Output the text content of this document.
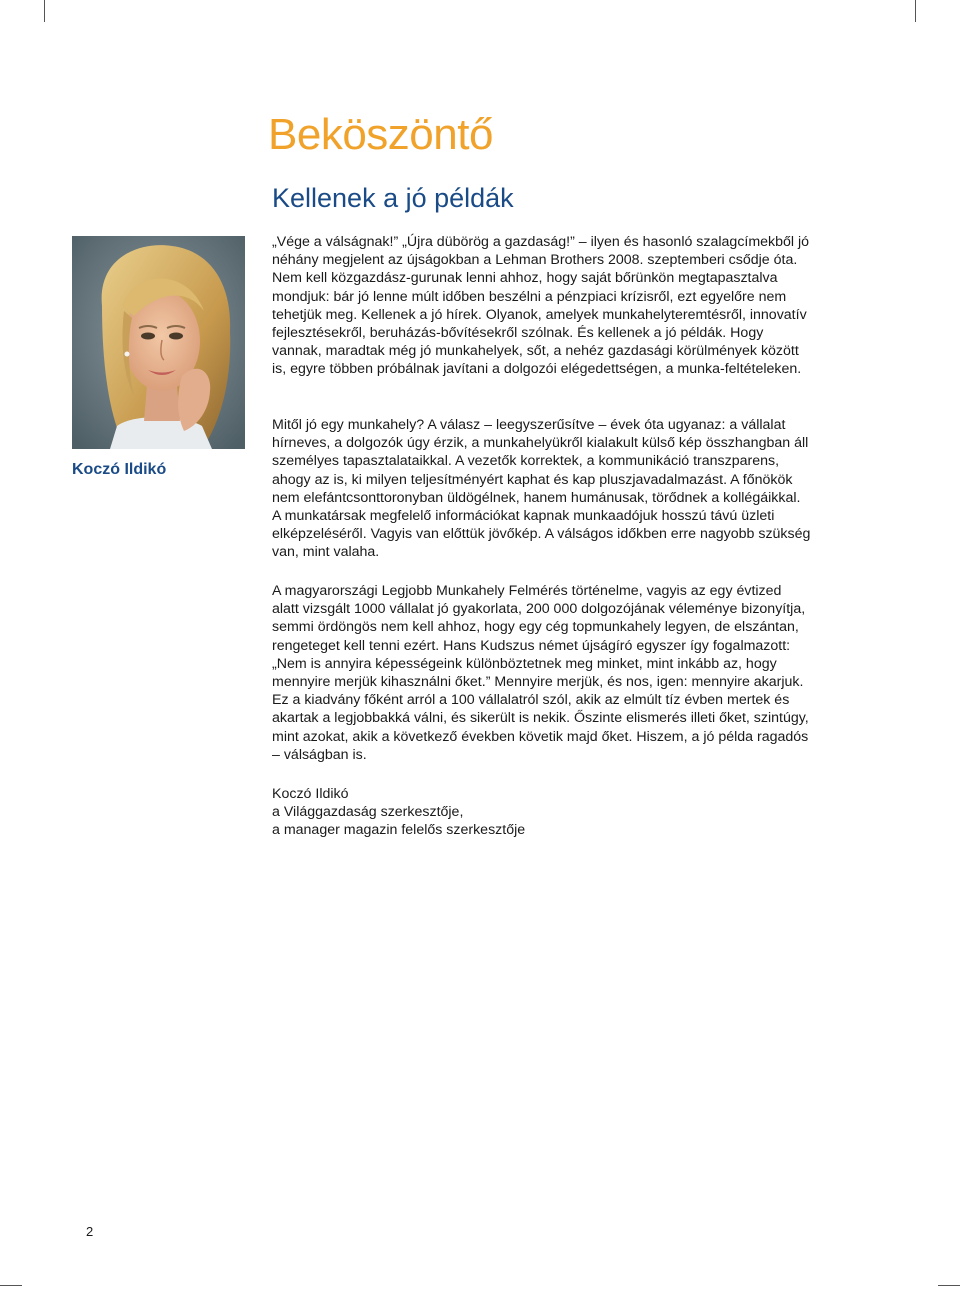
Beköszöntő
Kellenek a jó példák

Koczó Ildikó

„Vége a válságnak!” „Újra dübörög a gazdaság!” – ilyen és hasonló szalagcímekből jó néhány megjelent az újságokban a Lehman Brothers 2008. szeptemberi csődje óta. Nem kell közgazdász-gurunak lenni ahhoz, hogy saját bőrünkön megtapasztalva mondjuk: bár jó lenne múlt időben beszélni a pénzpiaci krízisről, ezt egyelőre nem tehetjük meg. Kellenek a jó hírek. Olyanok, amelyek munkahelyteremtésről, innovatív fejlesztésekről, beruházás-bővítésekről szólnak. És kellenek a jó példák. Hogy vannak, maradtak még jó munkahelyek, sőt, a nehéz gazdasági körülmények között is, egyre többen próbálnak javítani a dolgozói elégedettségen, a munka-feltételeken.

Mitől jó egy munkahely? A válasz – leegyszerűsítve – évek óta ugyanaz: a vállalat hírneves, a dolgozók úgy érzik, a munkahelyükről kialakult külső kép összhangban áll személyes tapasztalataikkal. A vezetők korrektek, a kommunikáció transzparens, ahogy az is, ki milyen teljesítményért kaphat és kap pluszjavadalmazást. A főnökök nem elefántcsonttoronyban üldögélnek, hanem humánusak, törődnek a kollégáikkal. A munkatársak megfelelő információkat kapnak munkaadójuk hosszú távú üzleti elképzeléséről. Vagyis van előttük jövőkép. A válságos időkben erre nagyobb szükség van, mint valaha.

A magyarországi Legjobb Munkahely Felmérés történelme, vagyis az egy évtized alatt vizsgált 1000 vállalat jó gyakorlata, 200 000 dolgozójának véleménye bizonyítja, semmi ördöngös nem kell ahhoz, hogy egy cég topmunkahely legyen, de elszántan, rengeteget kell tenni ezért. Hans Kudszus német újságíró egyszer így fogalmazott: „Nem is annyira képességeink különböztetnek meg minket, mint inkább az, hogy mennyire merjük kihasználni őket.” Mennyire merjük, és nos, igen: mennyire akarjuk. Ez a kiadvány főként arról a 100 vállalatról szól, akik az elmúlt tíz évben mertek és akartak a legjobbakká válni, és sikerült is nekik. Őszinte elismerés illeti őket, szintúgy, mint azokat, akik a következő években követik majd őket. Hiszem, a jó példa ragadós – válságban is.

Koczó Ildikó

a Világgazdaság szerkesztője,

a manager magazin felelős szerkesztője

2
